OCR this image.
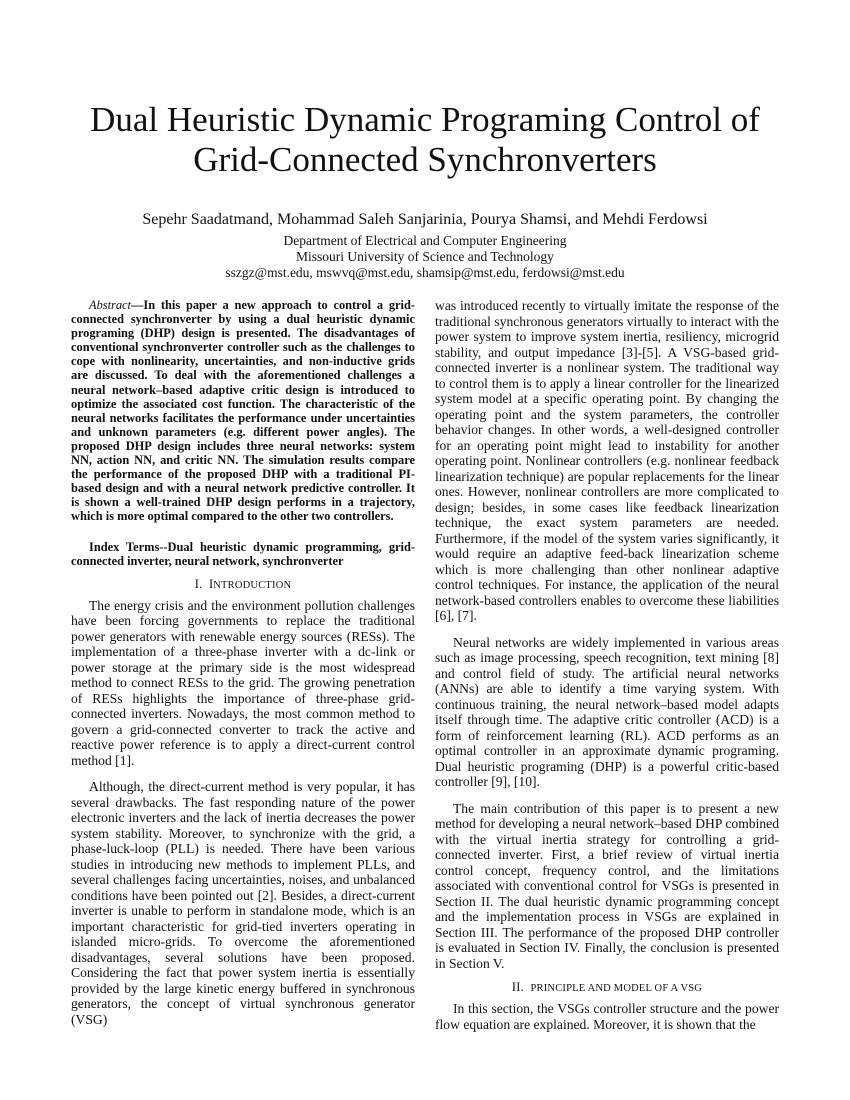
Dual Heuristic Dynamic Programing Control of
Grid-Connected Synchronverters
Sepehr Saadatmand, Mohammad Saleh Sanjarinia, Pourya Shamsi, and Mehdi Ferdowsi
Department of Electrical and Computer Engineering
Missouri University of Science and Technology
sszgz@mst.edu, mswvq@mst.edu, shamsip@mst.edu, ferdowsi@mst.edu

Abstract—In this paper a new approach to control a grid-connected synchronverter by using a dual heuristic dynamic programing (DHP) design is presented. The disadvantages of conventional synchronverter controller such as the challenges to cope with nonlinearity, uncertainties, and non-inductive grids are discussed. To deal with the aforementioned challenges a neural network–based adaptive critic design is introduced to optimize the associated cost function. The characteristic of the neural networks facilitates the performance under uncertainties and unknown parameters (e.g. different power angles). The proposed DHP design includes three neural networks: system NN, action NN, and critic NN. The simulation results compare the performance of the proposed DHP with a traditional PI-based design and with a neural network predictive controller. It is shown a well-trained DHP design performs in a trajectory, which is more optimal compared to the other two controllers.

Index Terms--Dual heuristic dynamic programming, grid-connected inverter, neural network, synchronverter

I. INTRODUCTION

The energy crisis and the environment pollution challenges have been forcing governments to replace the traditional power generators with renewable energy sources (RESs). The implementation of a three-phase inverter with a dc-link or power storage at the primary side is the most widespread method to connect RESs to the grid. The growing penetration of RESs highlights the importance of three-phase grid-connected inverters. Nowadays, the most common method to govern a grid-connected converter to track the active and reactive power reference is to apply a direct-current control method [1].

Although, the direct-current method is very popular, it has several drawbacks. The fast responding nature of the power electronic inverters and the lack of inertia decreases the power system stability. Moreover, to synchronize with the grid, a phase-luck-loop (PLL) is needed. There have been various studies in introducing new methods to implement PLLs, and several challenges facing uncertainties, noises, and unbalanced conditions have been pointed out [2]. Besides, a direct-current inverter is unable to perform in standalone mode, which is an important characteristic for grid-tied inverters operating in islanded micro-grids. To overcome the aforementioned disadvantages, several solutions have been proposed. Considering the fact that power system inertia is essentially provided by the large kinetic energy buffered in synchronous generators, the concept of virtual synchronous generator (VSG)

was introduced recently to virtually imitate the response of the traditional synchronous generators virtually to interact with the power system to improve system inertia, resiliency, microgrid stability, and output impedance [3]-[5]. A VSG-based grid-connected inverter is a nonlinear system. The traditional way to control them is to apply a linear controller for the linearized system model at a specific operating point. By changing the operating point and the system parameters, the controller behavior changes. In other words, a well-designed controller for an operating point might lead to instability for another operating point. Nonlinear controllers (e.g. nonlinear feedback linearization technique) are popular replacements for the linear ones. However, nonlinear controllers are more complicated to design; besides, in some cases like feedback linearization technique, the exact system parameters are needed. Furthermore, if the model of the system varies significantly, it would require an adaptive feed-back linearization scheme which is more challenging than other nonlinear adaptive control techniques. For instance, the application of the neural network-based controllers enables to overcome these liabilities [6], [7].

Neural networks are widely implemented in various areas such as image processing, speech recognition, text mining [8] and control field of study. The artificial neural networks (ANNs) are able to identify a time varying system. With continuous training, the neural network–based model adapts itself through time. The adaptive critic controller (ACD) is a form of reinforcement learning (RL). ACD performs as an optimal controller in an approximate dynamic programing. Dual heuristic programing (DHP) is a powerful critic-based controller [9], [10].

The main contribution of this paper is to present a new method for developing a neural network–based DHP combined with the virtual inertia strategy for controlling a grid-connected inverter. First, a brief review of virtual inertia control concept, frequency control, and the limitations associated with conventional control for VSGs is presented in Section II. The dual heuristic dynamic programming concept and the implementation process in VSGs are explained in Section III. The performance of the proposed DHP controller is evaluated in Section IV. Finally, the conclusion is presented in Section V.

II. PRINCIPLE AND MODEL OF A VSG

In this section, the VSGs controller structure and the power flow equation are explained. Moreover, it is shown that the
